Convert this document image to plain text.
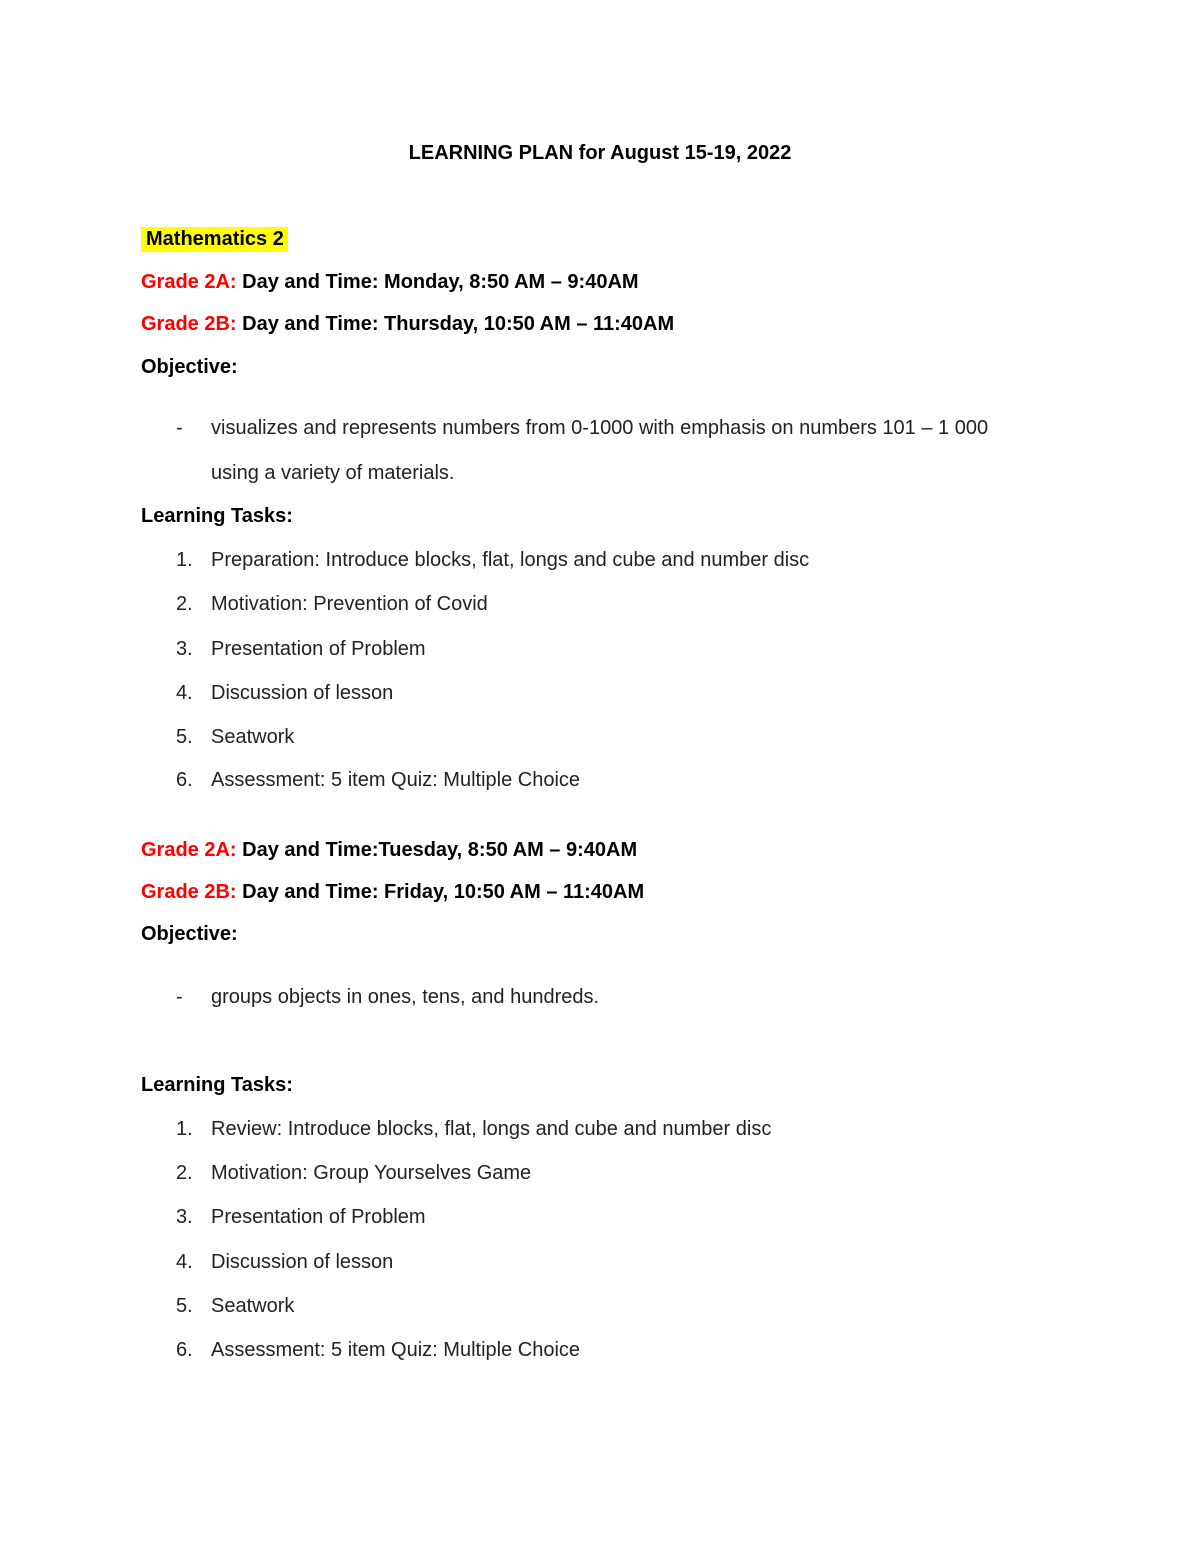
LEARNING PLAN for August 15-19, 2022
Mathematics 2
Grade 2A: Day and Time: Monday, 8:50 AM – 9:40AM
Grade 2B: Day and Time: Thursday, 10:50 AM – 11:40AM
Objective:
- visualizes and represents numbers from 0-1000 with emphasis on numbers 101 – 1 000
using a variety of materials.
Learning Tasks:
1. Preparation: Introduce blocks, flat, longs and cube and number disc
2. Motivation: Prevention of Covid
3. Presentation of Problem
4. Discussion of lesson
5. Seatwork
6. Assessment: 5 item Quiz: Multiple Choice
Grade 2A: Day and Time:Tuesday, 8:50 AM – 9:40AM
Grade 2B: Day and Time: Friday, 10:50 AM – 11:40AM
Objective:
- groups objects in ones, tens, and hundreds.
Learning Tasks:
1. Review: Introduce blocks, flat, longs and cube and number disc
2. Motivation: Group Yourselves Game
3. Presentation of Problem
4. Discussion of lesson
5. Seatwork
6. Assessment: 5 item Quiz: Multiple Choice
